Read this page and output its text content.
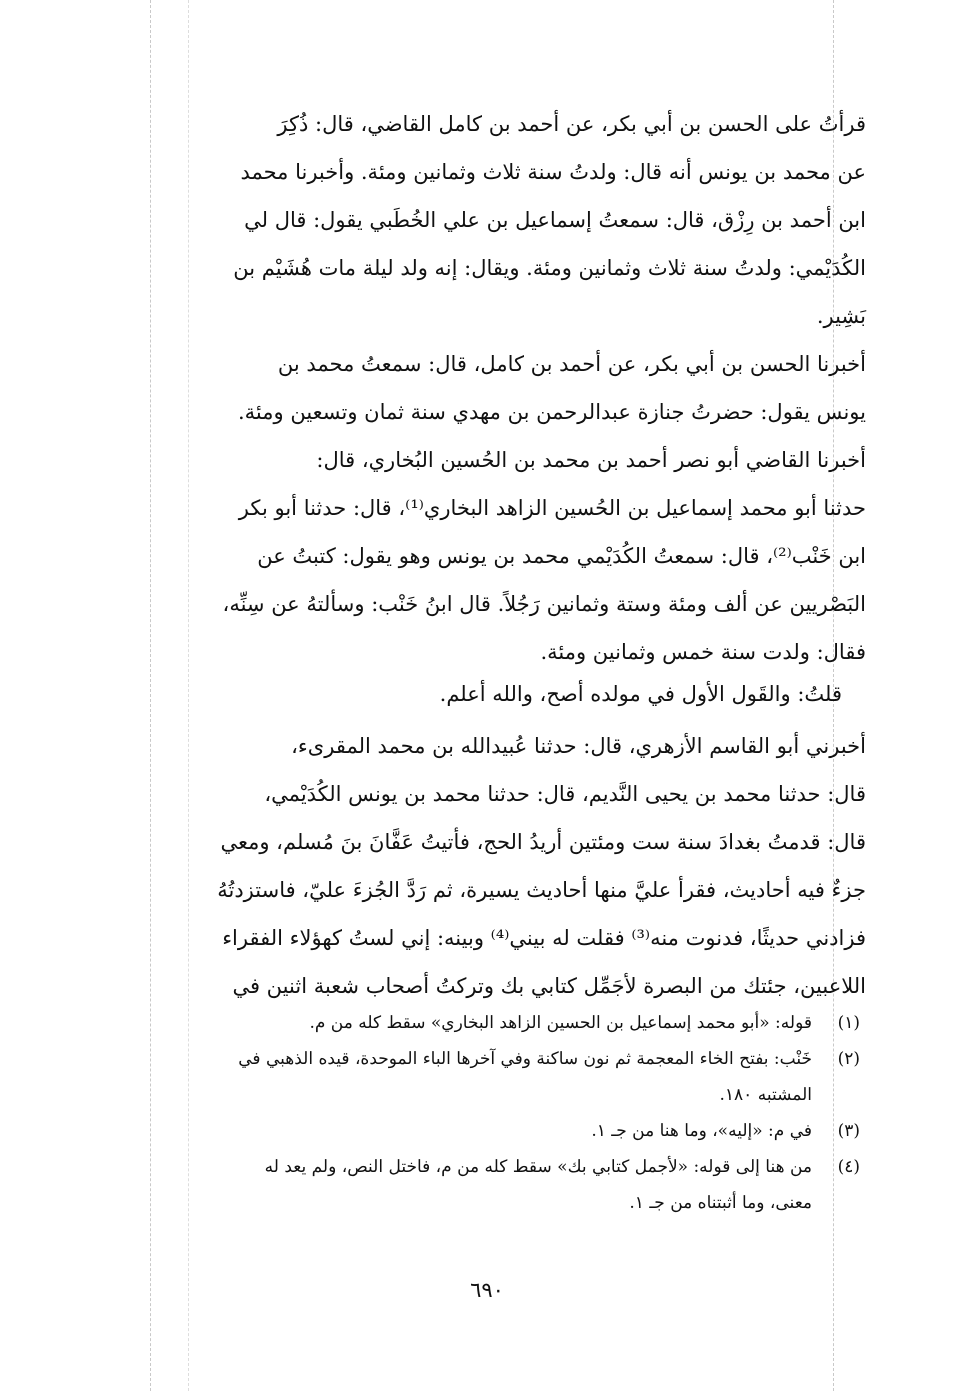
قرأتُ على الحسن بن أبي بكر، عن أحمد بن كامل القاضي، قال: ذُكِرَ
عن محمد بن يونس أنه قال: ولدتُ سنة ثلاث وثمانين ومئة. وأخبرنا محمد
ابن أحمد بن رِزْق، قال: سمعتُ إسماعيل بن علي الخُطَبي يقول: قال لي
الكُدَيْمي: ولدتُ سنة ثلاث وثمانين ومئة. ويقال: إنه ولد ليلة مات هُشَيْم بن
بَشِير.

أخبرنا الحسن بن أبي بكر، عن أحمد بن كامل، قال: سمعتُ محمد بن
يونس يقول: حضرتُ جنازة عبدالرحمن بن مهدي سنة ثمان وتسعين ومئة.

أخبرنا القاضي أبو نصر أحمد بن محمد بن الحُسين البُخاري، قال:
حدثنا أبو محمد إسماعيل بن الحُسين الزاهد البخاري⁽¹⁾، قال: حدثنا أبو بكر
ابن خَنْب⁽²⁾، قال: سمعتُ الكُدَيْمي محمد بن يونس وهو يقول: كتبتُ عن
البَصْريين عن ألف ومئة وستة وثمانين رَجُلاً. قال ابنُ خَنْب: وسألتهُ عن سِنِّه،
فقال: ولدت سنة خمس وثمانين ومئة.

قلتُ: والقَول الأول في مولده أصح، والله أعلم.

أخبرني أبو القاسم الأزهري، قال: حدثنا عُبيدالله بن محمد المقرىء،
قال: حدثنا محمد بن يحيى النَّديم، قال: حدثنا محمد بن يونس الكُدَيْمي،
قال: قدمتُ بغدادَ سنة ست ومئتين أريدُ الحج، فأتيتُ عَفَّانَ بنَ مُسلم، ومعي
جزءٌ فيه أحاديث، فقرأ عليَّ منها أحاديث يسيرة، ثم رَدَّ الجُزءَ عليّ، فاستزدتُهُ
فزادني حديثًا، فدنوت منه⁽³⁾ فقلت له بيني⁽⁴⁾ وبينه: إني لستُ كهؤلاء الفقراء
اللاعبين، جئتك من البصرة لأجَمِّل كتابي بك وتركتُ أصحاب شعبة اثنين في

(١)
قوله: «أبو محمد إسماعيل بن الحسين الزاهد البخاري» سقط كله من م.
(٢)
خَنْب: بفتح الخاء المعجمة ثم نون ساكنة وفي آخرها الباء الموحدة، قيده الذهبي في
المشتبه ١٨٠.
(٣)
في م: «إليه»، وما هنا من جـ ١.
(٤)
من هنا إلى قوله: «لأجمل كتابي بك» سقط كله من م، فاختل النص، ولم يعد له
معنى، وما أثبتناه من جـ ١.
٦٩٠
